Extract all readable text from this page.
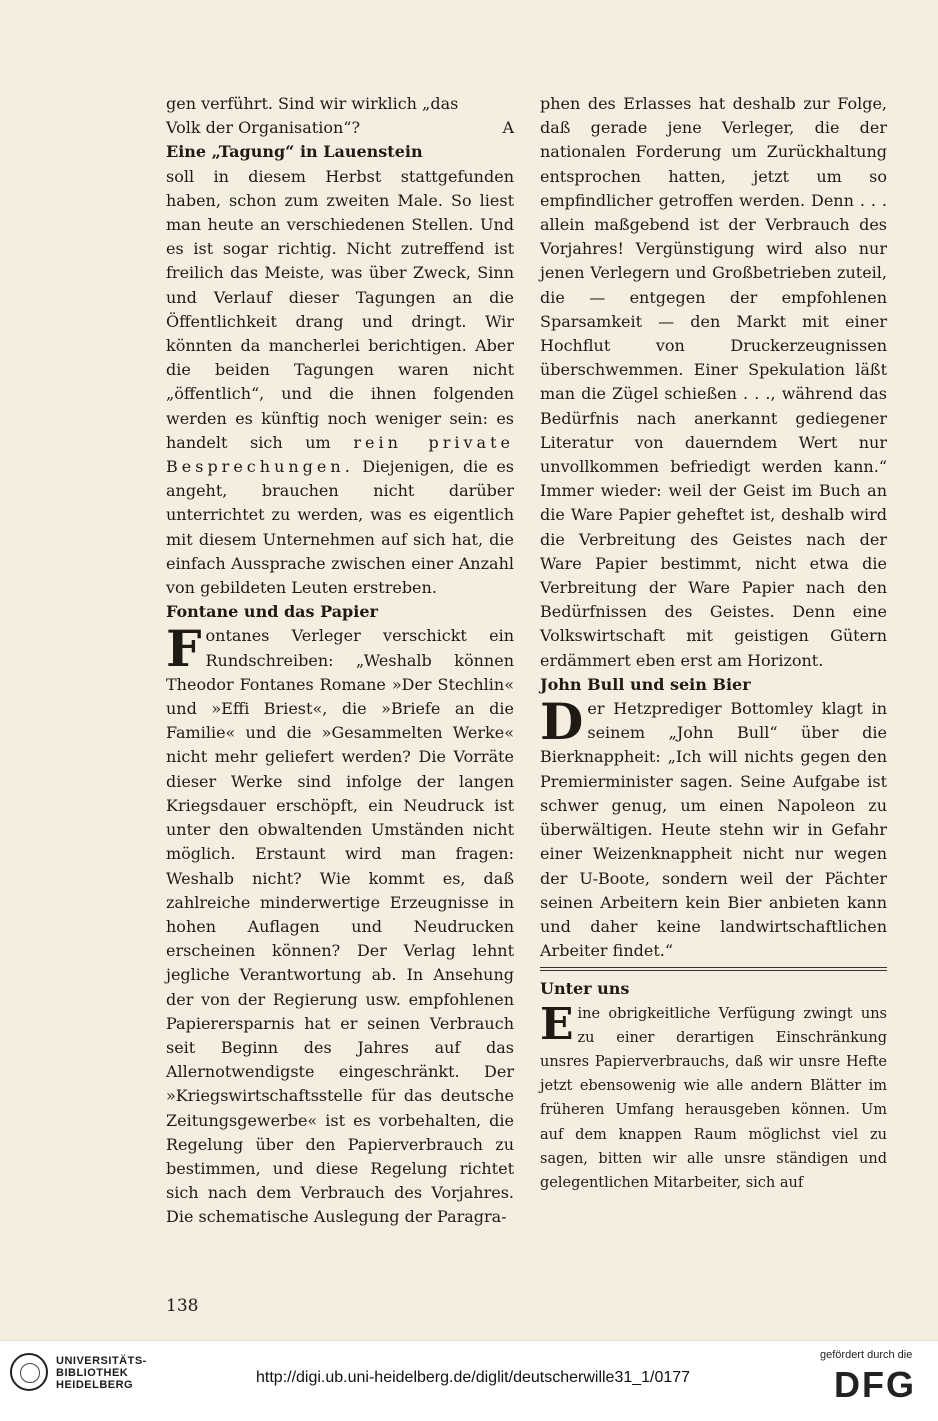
gen verführt. Sind wir wirklich „das

Volk der Organisation“?	A

Eine „Tagung“ in Lauenstein

soll in diesem Herbst stattgefunden haben, schon zum zweiten Male. So liest man heute an verschiedenen Stellen. Und es ist sogar richtig. Nicht zutreffend ist freilich das Meiste, was über Zweck, Sinn und Verlauf dieser Tagungen an die Öffentlichkeit drang und dringt. Wir könnten da mancherlei berichtigen. Aber die beiden Tagungen waren nicht „öffentlich“, und die ihnen folgenden werden es künftig noch weniger sein: es handelt sich um rein private Besprechungen. Diejenigen, die es angeht, brauchen nicht darüber unterrichtet zu werden, was es eigentlich mit diesem Unternehmen auf sich hat, die einfach Aussprache zwischen einer Anzahl von gebildeten Leuten erstreben.

Fontane und das Papier

F ontanes Verleger verschickt ein Rundschreiben: „Weshalb können Theodor Fontanes Romane »Der Stechlin« und »Effi Briest«, die »Briefe an die Familie« und die »Gesammelten Werke« nicht mehr geliefert werden? Die Vorräte dieser Werke sind infolge der langen Kriegsdauer erschöpft, ein Neudruck ist unter den obwaltenden Umständen nicht möglich. Erstaunt wird man fragen: Weshalb nicht? Wie kommt es, daß zahlreiche minderwertige Erzeugnisse in hohen Auflagen und Neudrucken erscheinen können? Der Verlag lehnt jegliche Verantwortung ab. In Ansehung der von der Regierung usw. empfohlenen Papierersparnis hat er seinen Verbrauch seit Beginn des Jahres auf das Allernotwendigste eingeschränkt. Der »Kriegswirtschaftsstelle für das deutsche Zeitungsgewerbe« ist es vorbehalten, die Regelung über den Papierverbrauch zu bestimmen, und diese Regelung richtet sich nach dem Verbrauch des Vorjahres. Die schematische Auslegung der Paragra-

phen des Erlasses hat deshalb zur Folge, daß gerade jene Verleger, die der nationalen Forderung um Zurückhaltung entsprochen hatten, jetzt um so empfindlicher getroffen werden. Denn . . . allein maßgebend ist der Verbrauch des Vorjahres! Vergünstigung wird also nur jenen Verlegern und Großbetrieben zuteil, die — entgegen der empfohlenen Sparsamkeit — den Markt mit einer Hochflut von Druckerzeugnissen überschwemmen. Einer Spekulation läßt man die Zügel schießen . . ., während das Bedürfnis nach anerkannt gediegener Literatur von dauerndem Wert nur unvollkommen befriedigt werden kann.“ Immer wieder: weil der Geist im Buch an die Ware Papier geheftet ist, deshalb wird die Verbreitung des Geistes nach der Ware Papier bestimmt, nicht etwa die Verbreitung der Ware Papier nach den Bedürfnissen des Geistes. Denn eine Volkswirtschaft mit geistigen Gütern erdämmert eben erst am Horizont.

John Bull und sein Bier

D er Hetzprediger Bottomley klagt in seinem „John Bull“ über die Bierknappheit: „Ich will nichts gegen den Premierminister sagen. Seine Aufgabe ist schwer genug, um einen Napoleon zu überwältigen. Heute stehn wir in Gefahr einer Weizenknappheit nicht nur wegen der U-Boote, sondern weil der Pächter seinen Arbeitern kein Bier anbieten kann und daher keine landwirtschaftlichen Arbeiter findet.“

Unter uns

E ine obrigkeitliche Verfügung zwingt uns zu einer derartigen Einschränkung unsres Papierverbrauchs, daß wir unsre Hefte jetzt ebensowenig wie alle andern Blätter im früheren Umfang herausgeben können. Um auf dem knappen Raum möglichst viel zu sagen, bitten wir alle unsre ständigen und gelegentlichen Mitarbeiter, sich auf

138
UNIVERSITÄTS-
BIBLIOTHEK
HEIDELBERG	http://digi.ub.uni-heidelberg.de/diglit/deutscherwille31_1/0177
gefördert durch die
DFG
